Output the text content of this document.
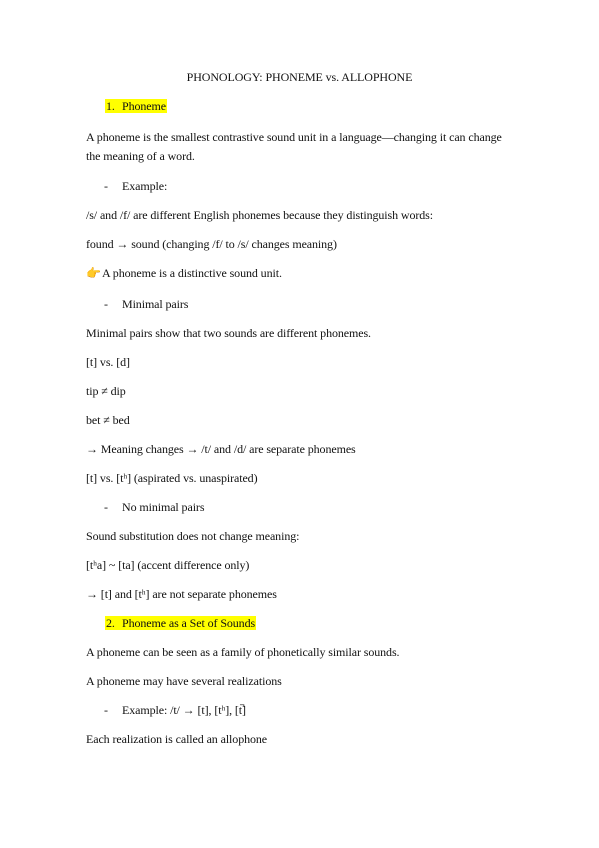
PHONOLOGY: PHONEME vs. ALLOPHONE
1. Phoneme
A phoneme is the smallest contrastive sound unit in a language—changing it can change
the meaning of a word.
- Example:
/s/ and /f/ are different English phonemes because they distinguish words:
found → sound (changing /f/ to /s/ changes meaning)
👉A phoneme is a distinctive sound unit.
- Minimal pairs
Minimal pairs show that two sounds are different phonemes.
[t] vs. [d]
tip ≠ dip
bet ≠ bed
→ Meaning changes → /t/ and /d/ are separate phonemes
[t] vs. [tʰ] (aspirated vs. unaspirated)
- No minimal pairs
Sound substitution does not change meaning:
[tʰa] ~ [ta] (accent difference only)
→ [t] and [tʰ] are not separate phonemes
2. Phoneme as a Set of Sounds
A phoneme can be seen as a family of phonetically similar sounds.
A phoneme may have several realizations
- Example: /t/ → [t], [tʰ], [t̚]
Each realization is called an allophone
